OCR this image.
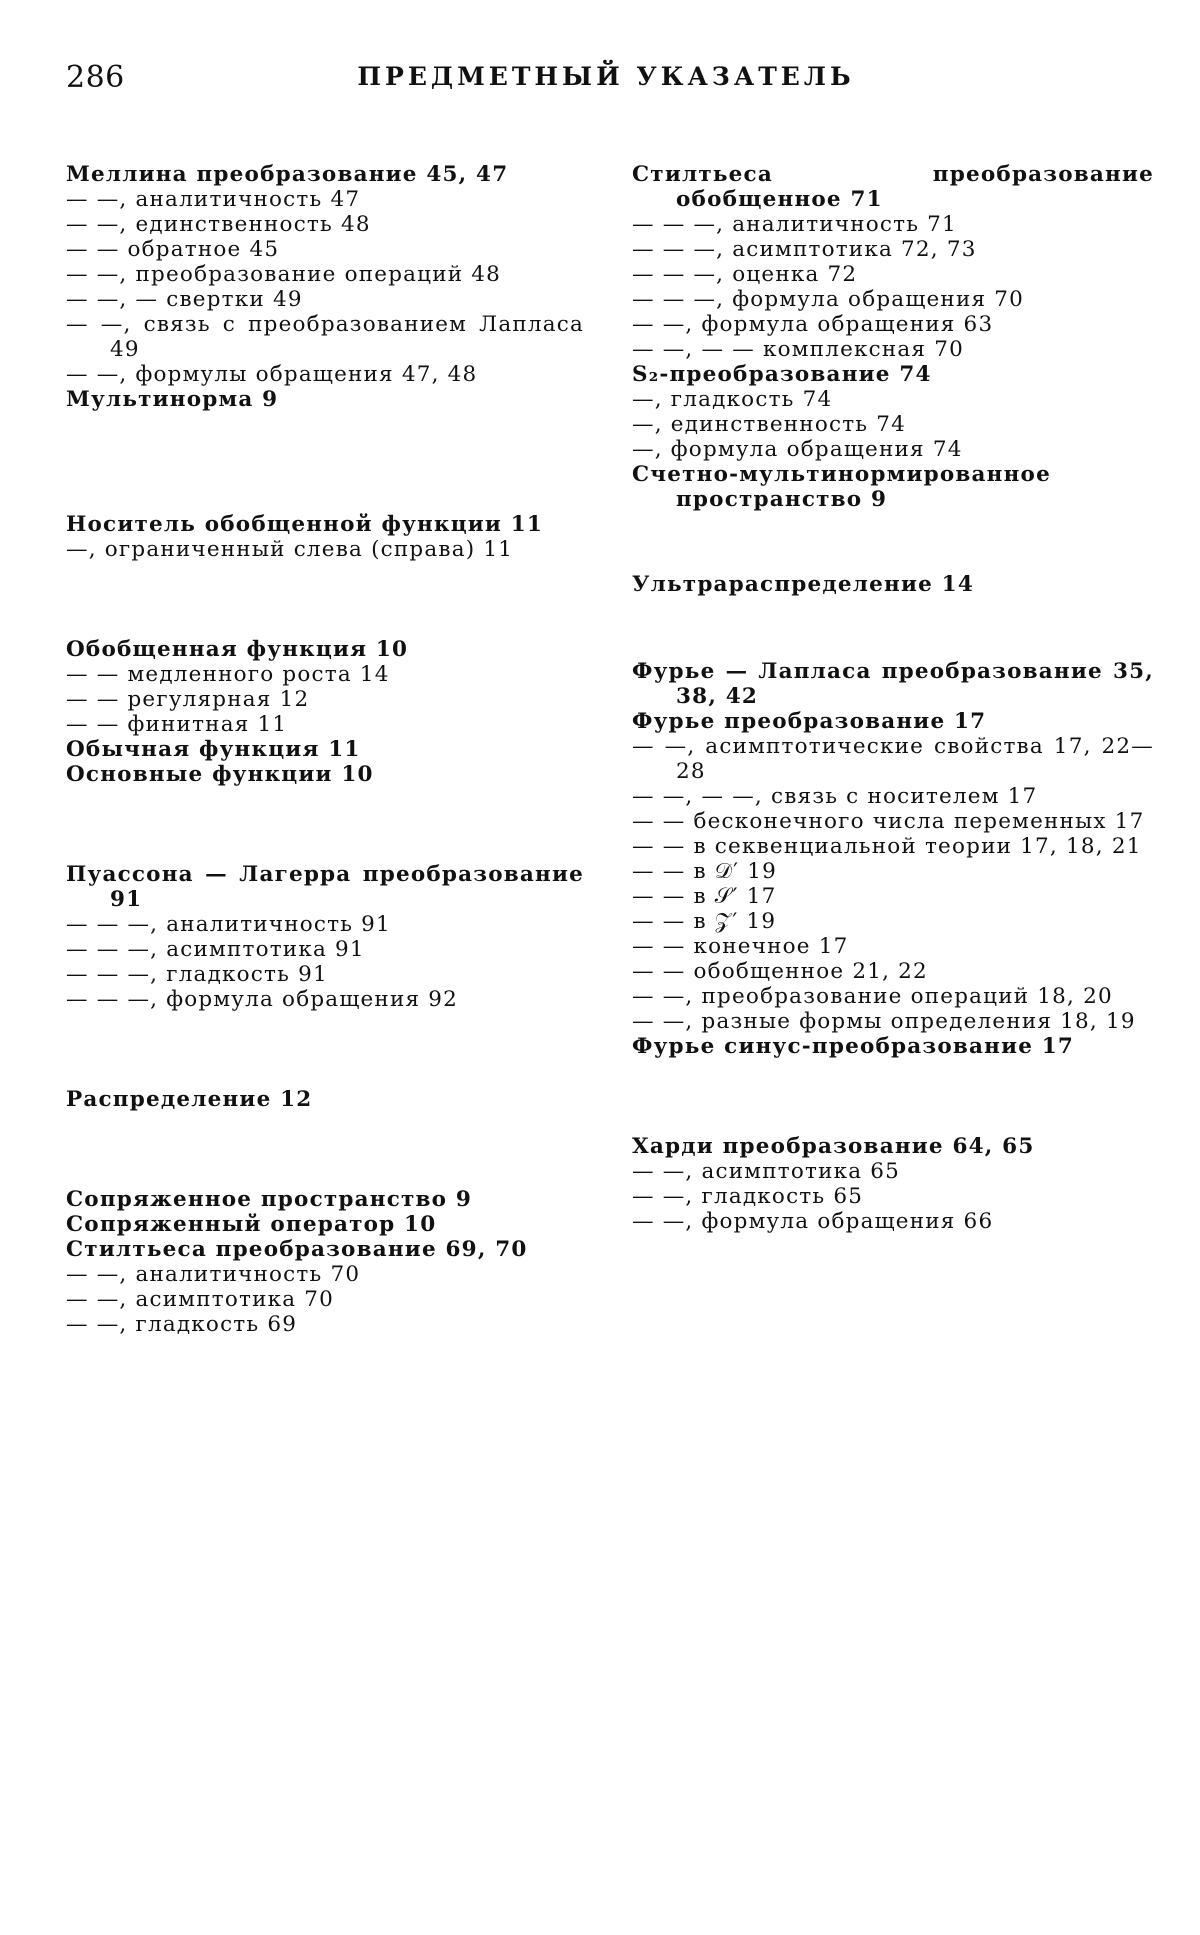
286	ПРЕДМЕТНЫЙ УКАЗАТЕЛЬ

Меллина преобразование 45, 47

— —, аналитичность 47

— —, единственность 48

— — обратное 45

— —, преобразование операций 48

— —, — свертки 49

— —, связь с преобразованием Лапласа 49

— —, формулы обращения 47, 48

Мультинорма 9

Носитель обобщенной функции 11

—, ограниченный слева (справа) 11

Обобщенная функция 10

— — медленного роста 14

— — регулярная 12

— — финитная 11

Обычная функция 11

Основные функции 10

Пуассона — Лагерра преобразование 91

— — —, аналитичность 91

— — —, асимптотика 91

— — —, гладкость 91

— — —, формула обращения 92

Распределение 12

Сопряженное пространство 9

Сопряженный оператор 10

Стилтьеса преобразование 69, 70

— —, аналитичность 70

— —, асимптотика 70

— —, гладкость 69

Стилтьеса преобразование обобщенное 71

— — —, аналитичность 71

— — —, асимптотика 72, 73

— — —, оценка 72

— — —, формула обращения 70

— —, формула обращения 63

— —, — — комплексная 70

S₂-преобразование 74

—, гладкость 74

—, единственность 74

—, формула обращения 74

Счетно-мультинормированное пространство 9

Ультрараспределение 14

Фурье — Лапласа преобразование 35, 38, 42

Фурье преобразование 17

— —, асимптотические свойства 17, 22—28

— —, — —, связь с носителем 17

— — бесконечного числа переменных 17

— — в секвенциальной теории 17, 18, 21

— — в 𝒟′ 19

— — в 𝒮′ 17

— — в 𝒵′ 19

— — конечное 17

— — обобщенное 21, 22

— —, преобразование операций 18, 20

— —, разные формы определения 18, 19

Фурье синус-преобразование 17

Харди преобразование 64, 65

— —, асимптотика 65

— —, гладкость 65

— —, формула обращения 66
